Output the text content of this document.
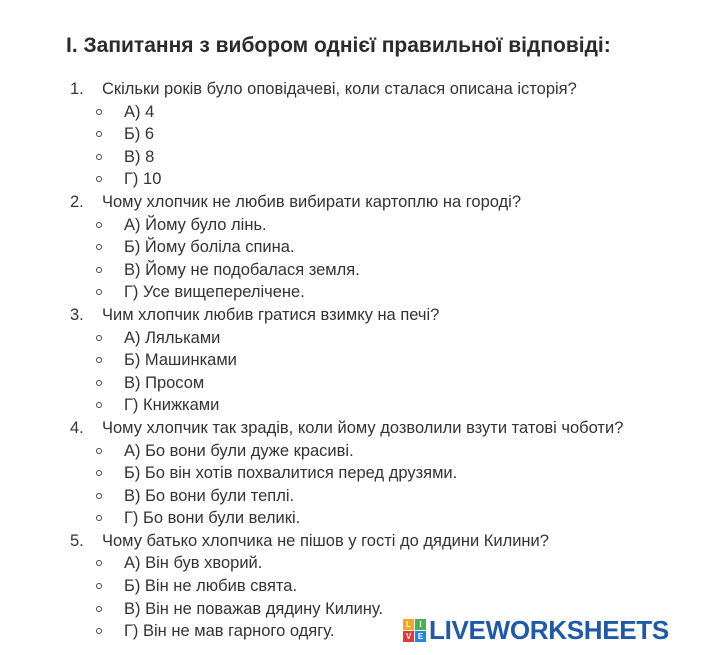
I. Запитання з вибором однієї правильної відповіді:
1. Скільки років було оповідачеві, коли сталася описана історія?
А) 4
Б) 6
В) 8
Г) 10
2. Чому хлопчик не любив вибирати картоплю на городі?
А) Йому було лінь.
Б) Йому боліла спина.
В) Йому не подобалася земля.
Г) Усе вищеперелічене.
3. Чим хлопчик любив гратися взимку на печі?
А) Ляльками
Б) Машинками
В) Просом
Г) Книжками
4. Чому хлопчик так зрадів, коли йому дозволили взути татові чоботи?
А) Бо вони були дуже красиві.
Б) Бо він хотів похвалитися перед друзями.
В) Бо вони були теплі.
Г) Бо вони були великі.
5. Чому батько хлопчика не пішов у гості до дядини Килини?
А) Він був хворий.
Б) Він не любив свята.
В) Він не поважав дядину Килину.
Г) Він не мав гарного одягу.	L	I
V E LIVEWORKSHEETS
